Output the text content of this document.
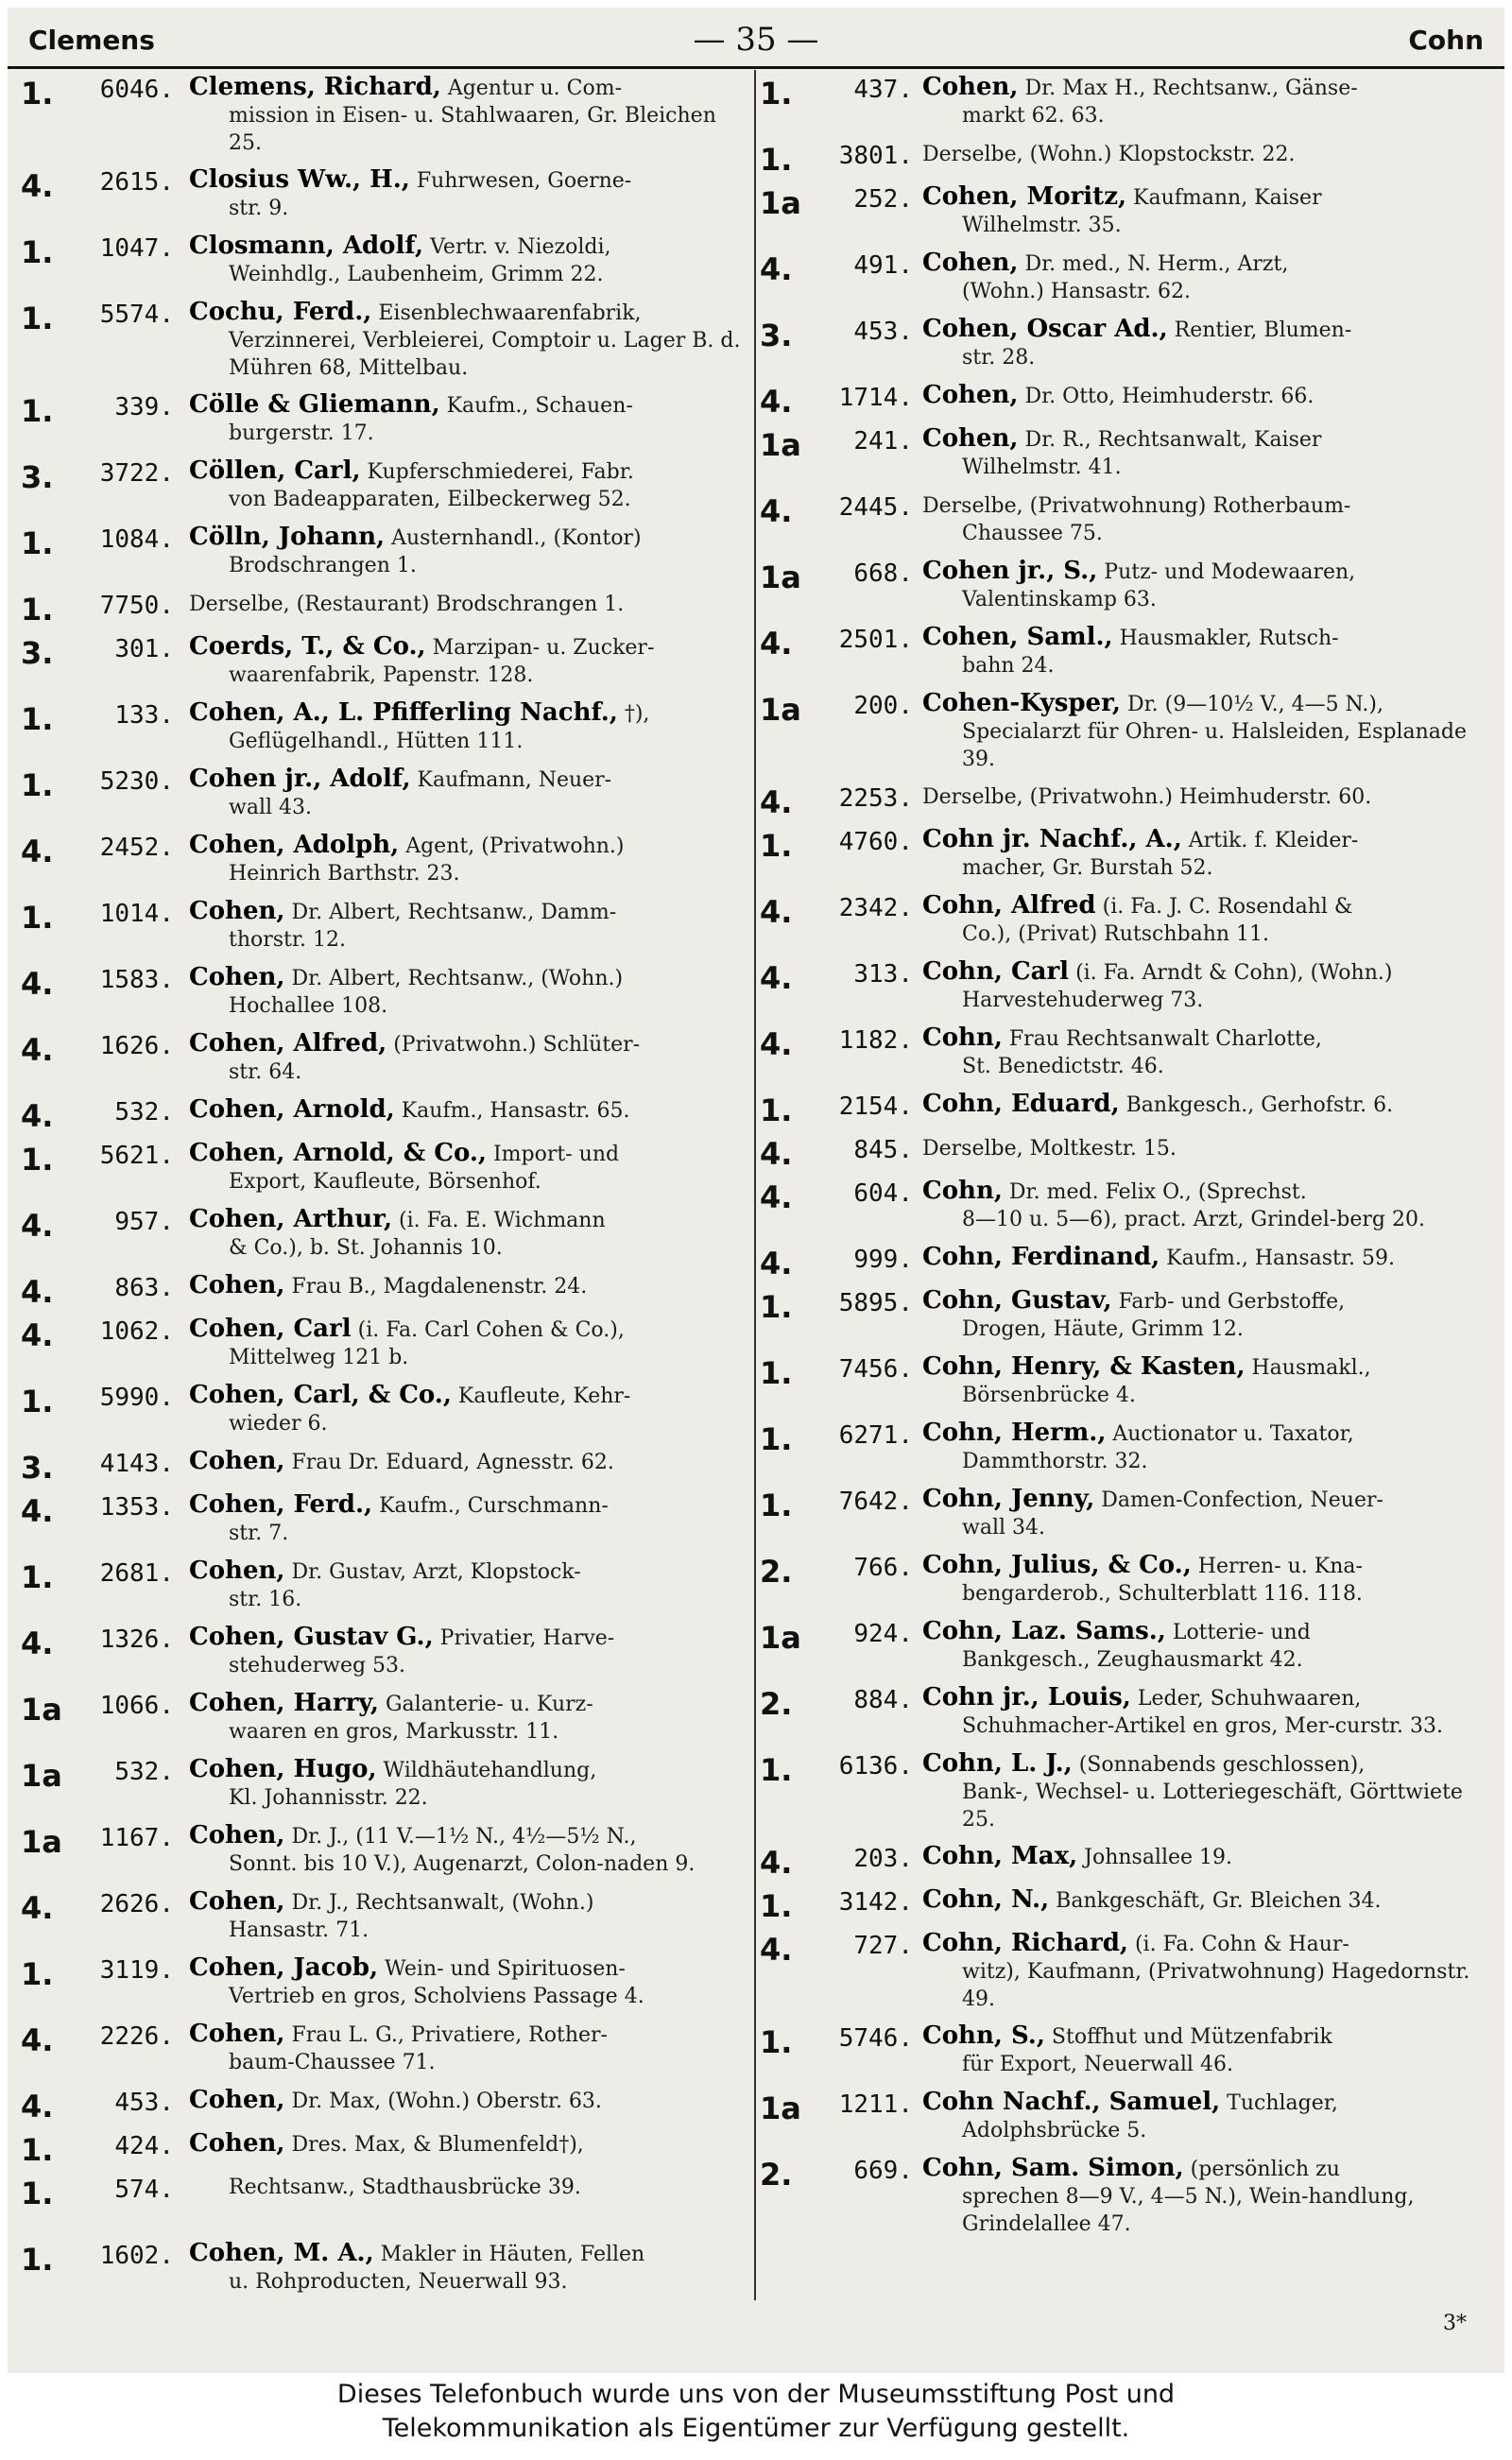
Clemens	— 35 —	Cohn
1.	6046. Clemens, Richard, Agentur u. Com-
mission in Eisen- u. Stahlwaaren, Gr. Bleichen 25.
4.	2615. Closius Ww., H., Fuhrwesen, Goerne-
str. 9.
1.	1047. Closmann, Adolf, Vertr. v. Niezoldi,
Weinhdlg., Laubenheim, Grimm 22.
1.	5574. Cochu, Ferd., Eisenblechwaarenfabrik,
Verzinnerei, Verbleierei, Comptoir u. Lager B. d. Mühren 68, Mittelbau.
1.	339. Cölle & Gliemann, Kaufm., Schauen-
burgerstr. 17.
3.	3722. Cöllen, Carl, Kupferschmiederei, Fabr.
von Badeapparaten, Eilbeckerweg 52.
1.	1084. Cölln, Johann, Austernhandl., (Kontor)
Brodschrangen 1.
1.	7750. Derselbe, (Restaurant) Brodschrangen 1.
3.	301. Coerds, T., & Co., Marzipan- u. Zucker-
waarenfabrik, Papenstr. 128.
1.	133. Cohen, A., L. Pfifferling Nachf., †),
Geflügelhandl., Hütten 111.
1.	5230. Cohen jr., Adolf, Kaufmann, Neuer-
wall 43.
4.	2452. Cohen, Adolph, Agent, (Privatwohn.)
Heinrich Barthstr. 23.
1.	1014. Cohen, Dr. Albert, Rechtsanw., Damm-
thorstr. 12.
4.	1583. Cohen, Dr. Albert, Rechtsanw., (Wohn.)
Hochallee 108.
4.	1626. Cohen, Alfred, (Privatwohn.) Schlüter-
str. 64.
4.	532. Cohen, Arnold, Kaufm., Hansastr. 65.
1.	5621. Cohen, Arnold, & Co., Import- und
Export, Kaufleute, Börsenhof.
4.	957. Cohen, Arthur, (i. Fa. E. Wichmann
& Co.), b. St. Johannis 10.
4.	863. Cohen, Frau B., Magdalenenstr. 24.
4.	1062. Cohen, Carl (i. Fa. Carl Cohen & Co.),
Mittelweg 121 b.
1.	5990. Cohen, Carl, & Co., Kaufleute, Kehr-
wieder 6.
3.	4143. Cohen, Frau Dr. Eduard, Agnesstr. 62.
4.	1353. Cohen, Ferd., Kaufm., Curschmann-
str. 7.
1.	2681. Cohen, Dr. Gustav, Arzt, Klopstock-
str. 16.
4.	1326. Cohen, Gustav G., Privatier, Harve-
stehuderweg 53.
1a	1066. Cohen, Harry, Galanterie- u. Kurz-
waaren en gros, Markusstr. 11.
1a	532. Cohen, Hugo, Wildhäutehandlung,
Kl. Johannisstr. 22.
1a	1167. Cohen, Dr. J., (11 V.—1½ N., 4½—5½ N.,
Sonnt. bis 10 V.), Augenarzt, Colon-naden 9.
4.	2626. Cohen, Dr. J., Rechtsanwalt, (Wohn.)
Hansastr. 71.
1.	3119. Cohen, Jacob, Wein- und Spirituosen-
Vertrieb en gros, Scholviens Passage 4.
4.	2226. Cohen, Frau L. G., Privatiere, Rother-
baum-Chaussee 71.
4.	453. Cohen, Dr. Max, (Wohn.) Oberstr. 63.
1.	424. Cohen, Dres. Max, & Blumenfeld†),
1.	574.	Rechtsanw., Stadthausbrücke 39.
1.	1602. Cohen, M. A., Makler in Häuten, Fellen
u. Rohproducten, Neuerwall 93.
1.	437. Cohen, Dr. Max H., Rechtsanw., Gänse-
markt 62. 63.
1.	3801. Derselbe, (Wohn.) Klopstockstr. 22.
1a	252. Cohen, Moritz, Kaufmann, Kaiser
Wilhelmstr. 35.
4.	491. Cohen, Dr. med., N. Herm., Arzt,
(Wohn.) Hansastr. 62.
3.	453. Cohen, Oscar Ad., Rentier, Blumen-
str. 28.
4.	1714. Cohen, Dr. Otto, Heimhuderstr. 66.
1a	241. Cohen, Dr. R., Rechtsanwalt, Kaiser
Wilhelmstr. 41.
4.	2445. Derselbe, (Privatwohnung) Rotherbaum-
Chaussee 75.
1a	668. Cohen jr., S., Putz- und Modewaaren,
Valentinskamp 63.
4.	2501. Cohen, Saml., Hausmakler, Rutsch-
bahn 24.
1a	200. Cohen-Kysper, Dr. (9—10½ V., 4—5 N.),
Specialarzt für Ohren- u. Halsleiden, Esplanade 39.
4.	2253. Derselbe, (Privatwohn.) Heimhuderstr. 60.
1.	4760. Cohn jr. Nachf., A., Artik. f. Kleider-
macher, Gr. Burstah 52.
4.	2342. Cohn, Alfred (i. Fa. J. C. Rosendahl &
Co.), (Privat) Rutschbahn 11.
4.	313. Cohn, Carl (i. Fa. Arndt & Cohn), (Wohn.)
Harvestehuderweg 73.
4.	1182. Cohn, Frau Rechtsanwalt Charlotte,
St. Benedictstr. 46.
1.	2154. Cohn, Eduard, Bankgesch., Gerhofstr. 6.
4.	845. Derselbe, Moltkestr. 15.
4.	604. Cohn, Dr. med. Felix O., (Sprechst.
8—10 u. 5—6), pract. Arzt, Grindel-berg 20.
4.	999. Cohn, Ferdinand, Kaufm., Hansastr. 59.
1.	5895. Cohn, Gustav, Farb- und Gerbstoffe,
Drogen, Häute, Grimm 12.
1.	7456. Cohn, Henry, & Kasten, Hausmakl.,
Börsenbrücke 4.
1.	6271. Cohn, Herm., Auctionator u. Taxator,
Dammthorstr. 32.
1.	7642. Cohn, Jenny, Damen-Confection, Neuer-
wall 34.
2.	766. Cohn, Julius, & Co., Herren- u. Kna-
bengarderob., Schulterblatt 116. 118.
1a	924. Cohn, Laz. Sams., Lotterie- und
Bankgesch., Zeughausmarkt 42.
2.	884. Cohn jr., Louis, Leder, Schuhwaaren,
Schuhmacher-Artikel en gros, Mer-curstr. 33.
1.	6136. Cohn, L. J., (Sonnabends geschlossen),
Bank-, Wechsel- u. Lotteriegeschäft, Görttwiete 25.
4.	203. Cohn, Max, Johnsallee 19.
1.	3142. Cohn, N., Bankgeschäft, Gr. Bleichen 34.
4.	727. Cohn, Richard, (i. Fa. Cohn & Haur-
witz), Kaufmann, (Privatwohnung) Hagedornstr. 49.
1.	5746. Cohn, S., Stoffhut und Mützenfabrik
für Export, Neuerwall 46.
1a	1211. Cohn Nachf., Samuel, Tuchlager,
Adolphsbrücke 5.
2.	669. Cohn, Sam. Simon, (persönlich zu
sprechen 8—9 V., 4—5 N.), Wein-handlung, Grindelallee 47.
3*
Dieses Telefonbuch wurde uns von der Museumsstiftung Post und
Telekommunikation als Eigentümer zur Verfügung gestellt.
